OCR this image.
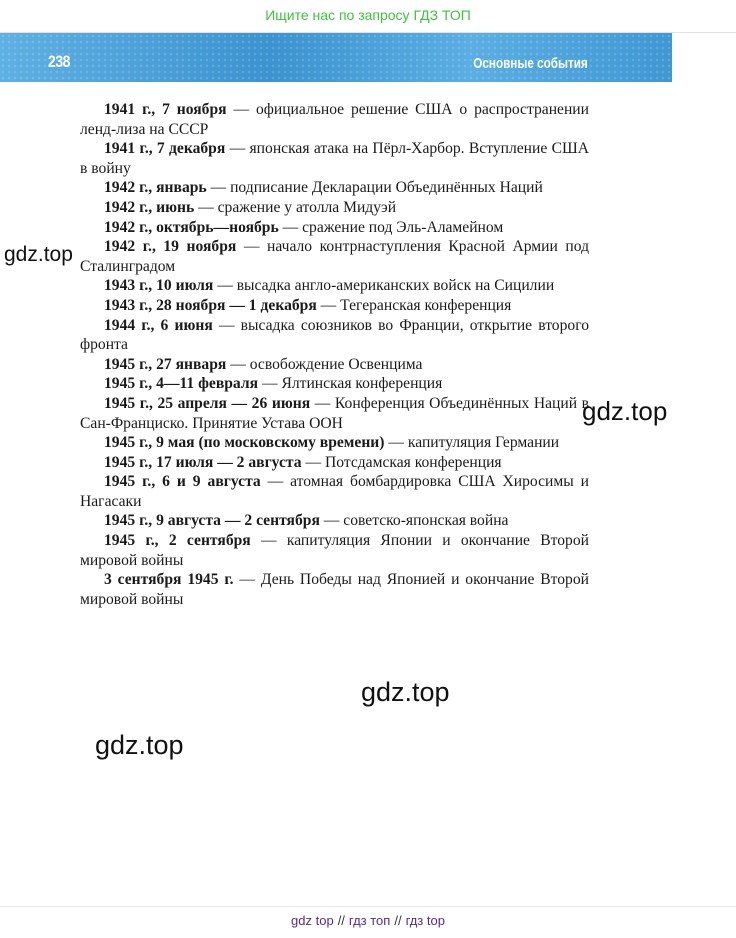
Ищите нас по запросу ГДЗ ТОП
238	Основные события

1941 г., 7 ноября — официальное решение США о распространении ленд-лиза на СССР

1941 г., 7 декабря — японская атака на Пёрл-Харбор. Вступление США в войну

1942 г., январь — подписание Декларации Объединённых Наций

1942 г., июнь — сражение у атолла Мидуэй

1942 г., октябрь—ноябрь — сражение под Эль-Аламейном

1942 г., 19 ноября — начало контрнаступления Красной Армии под Сталинградом

1943 г., 10 июля — высадка англо-американских войск на Сицилии

1943 г., 28 ноября — 1 декабря — Тегеранская конференция

1944 г., 6 июня — высадка союзников во Франции, открытие второго фронта

1945 г., 27 января — освобождение Освенцима

1945 г., 4—11 февраля — Ялтинская конференция

1945 г., 25 апреля — 26 июня — Конференция Объединённых Наций в Сан-Франциско. Принятие Устава ООН

1945 г., 9 мая (по московскому времени) — капитуляция Германии

1945 г., 17 июля — 2 августа — Потсдамская конференция

1945 г., 6 и 9 августа — атомная бомбардировка США Хиросимы и Нагасаки

1945 г., 9 августа — 2 сентября — советско-японская война

1945 г., 2 сентября — капитуляция Японии и окончание Второй мировой войны

3 сентября 1945 г. — День Победы над Японией и окончание Второй мировой войны

gdz.top
gdz.top
gdz.top
gdz.top
gdz top // гдз топ // гдз top
